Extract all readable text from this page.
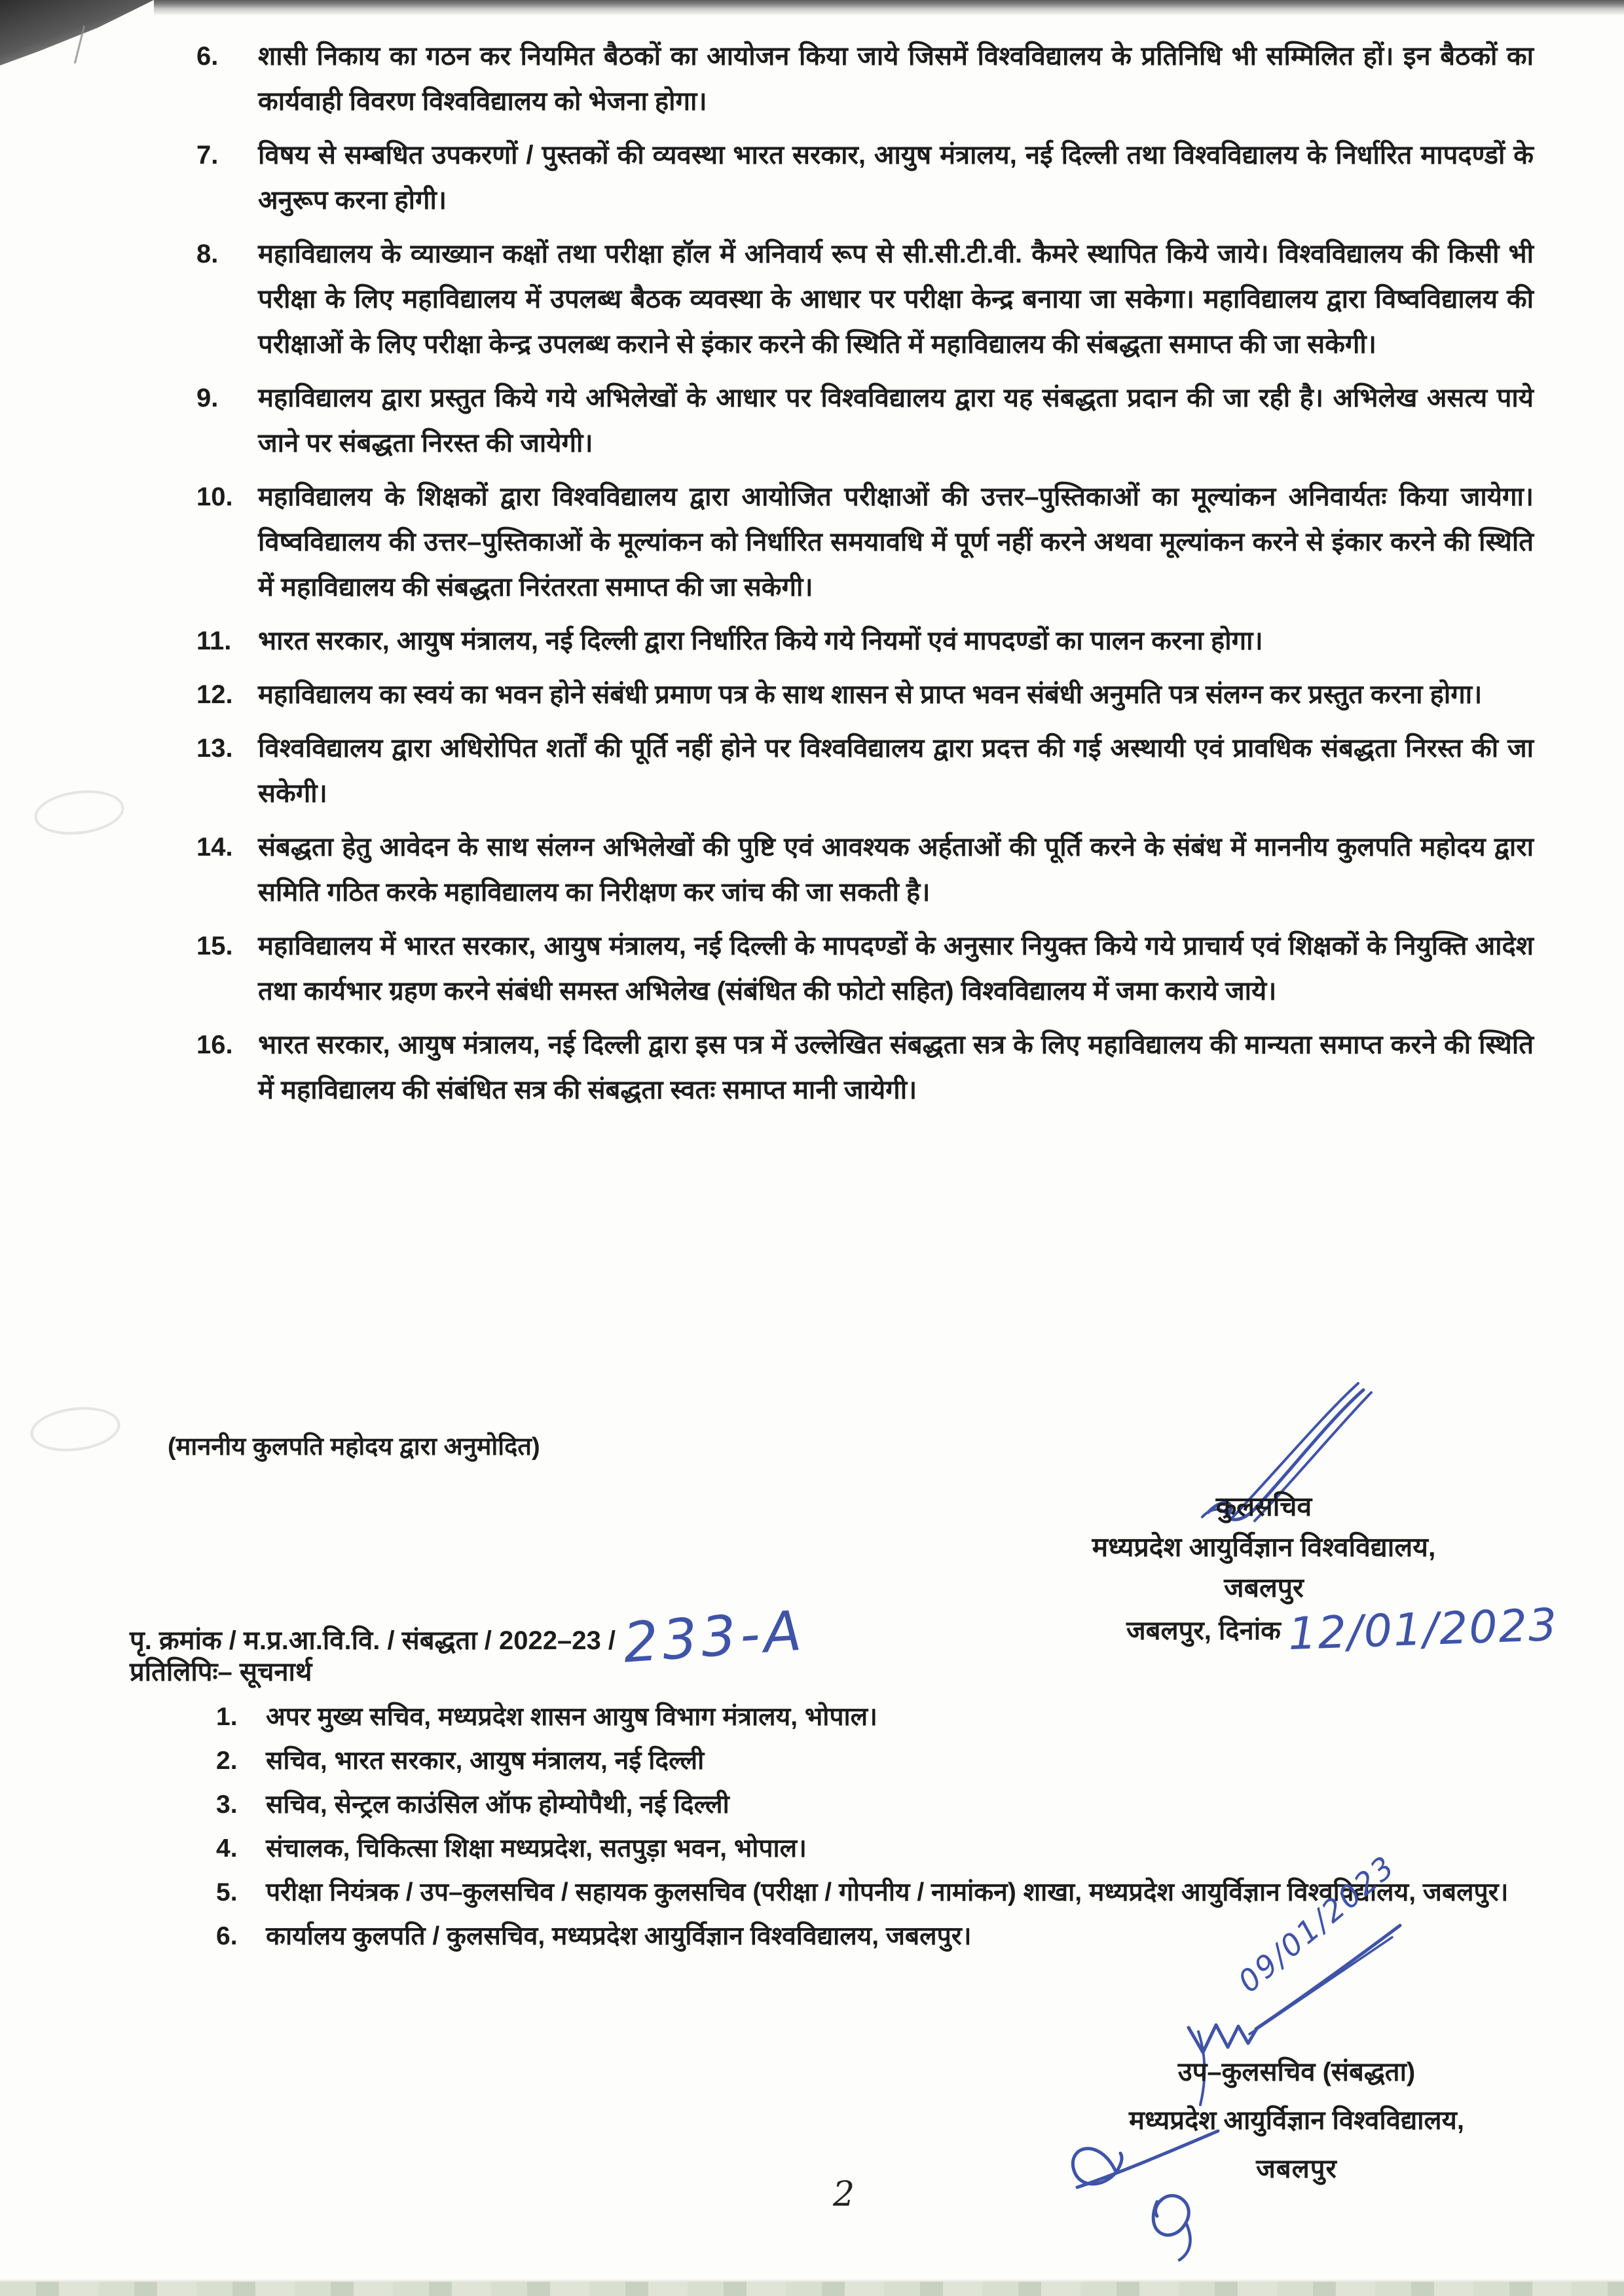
6.	शासी निकाय का गठन कर नियमित बैठकों का आयोजन किया जाये जिसमें विश्वविद्यालय के प्रतिनिधि भी सम्मिलित हों। इन बैठकों का कार्यवाही विवरण विश्वविद्यालय को भेजना होगा।
7.	विषय से सम्बधित उपकरणों / पुस्तकों की व्यवस्था भारत सरकार, आयुष मंत्रालय, नई दिल्ली तथा विश्वविद्यालय के निर्धारित मापदण्डों के अनुरूप करना होगी।
8.	महाविद्यालय के व्याख्यान कक्षों तथा परीक्षा हॉल में अनिवार्य रूप से सी.सी.टी.वी. कैमरे स्थापित किये जाये। विश्वविद्यालय की किसी भी परीक्षा के लिए महाविद्यालय में उपलब्ध बैठक व्यवस्था के आधार पर परीक्षा केन्द्र बनाया जा सकेगा। महाविद्यालय द्वारा विष्वविद्यालय की परीक्षाओं के लिए परीक्षा केन्द्र उपलब्ध कराने से इंकार करने की स्थिति में महाविद्यालय की संबद्धता समाप्त की जा सकेगी।
9.	महाविद्यालय द्वारा प्रस्तुत किये गये अभिलेखों के आधार पर विश्वविद्यालय द्वारा यह संबद्धता प्रदान की जा रही है। अभिलेख असत्य पाये जाने पर संबद्धता निरस्त की जायेगी।
10. महाविद्यालय के शिक्षकों द्वारा विश्वविद्यालय द्वारा आयोजित परीक्षाओं की उत्तर–पुस्तिकाओं का मूल्यांकन अनिवार्यतः किया जायेगा। विष्वविद्यालय की उत्तर–पुस्तिकाओं के मूल्यांकन को निर्धारित समयावधि में पूर्ण नहीं करने अथवा मूल्यांकन करने से इंकार करने की स्थिति में महाविद्यालय की संबद्धता निरंतरता समाप्त की जा सकेगी।
11.	भारत सरकार, आयुष मंत्रालय, नई दिल्ली द्वारा निर्धारित किये गये नियमों एवं मापदण्डों का पालन करना होगा।
12. महाविद्यालय का स्वयं का भवन होने संबंधी प्रमाण पत्र के साथ शासन से प्राप्त भवन संबंधी अनुमति पत्र संलग्न कर प्रस्तुत करना होगा।
13. विश्वविद्यालय द्वारा अधिरोपित शर्तों की पूर्ति नहीं होने पर विश्वविद्यालय द्वारा प्रदत्त की गई अस्थायी एवं प्रावधिक संबद्धता निरस्त की जा सकेगी।
14. संबद्धता हेतु आवेदन के साथ संलग्न अभिलेखों की पुष्टि एवं आवश्यक अर्हताओं की पूर्ति करने के संबंध में माननीय कुलपति महोदय द्वारा समिति गठित करके महाविद्यालय का निरीक्षण कर जांच की जा सकती है।
15. महाविद्यालय में भारत सरकार, आयुष मंत्रालय, नई दिल्ली के मापदण्डों के अनुसार नियुक्त किये गये प्राचार्य एवं शिक्षकों के नियुक्ति आदेश तथा कार्यभार ग्रहण करने संबंधी समस्त अभिलेख (संबंधित की फोटो सहित) विश्वविद्यालय में जमा कराये जाये।
16. भारत सरकार, आयुष मंत्रालय, नई दिल्ली द्वारा इस पत्र में उल्लेखित संबद्धता सत्र के लिए महाविद्यालय की मान्यता समाप्त करने की स्थिति में महाविद्यालय की संबंधित सत्र की संबद्धता स्वतः समाप्त मानी जायेगी।
(माननीय कुलपति महोदय द्वारा अनुमोदित)
कुलसचिव
मध्यप्रदेश आयुर्विज्ञान विश्वविद्यालय,
जबलपुर
पृ. क्रमांक / म.प्र.आ.वि.वि. / संबद्धता / 2022–23 / 233-A	जबलपुर, दिनांक 12/01/2023
प्रतिलिपिः– सूचनार्थ
1.	अपर मुख्य सचिव, मध्यप्रदेश शासन आयुष विभाग मंत्रालय, भोपाल।
2.	सचिव, भारत सरकार, आयुष मंत्रालय, नई दिल्ली
3.	सचिव, सेन्ट्रल काउंसिल ऑफ होम्योपैथी, नई दिल्ली
4.	संचालक, चिकित्सा शिक्षा मध्यप्रदेश, सतपुड़ा भवन, भोपाल।
5.	परीक्षा नियंत्रक / उप–कुलसचिव / सहायक कुलसचिव (परीक्षा / गोपनीय / नामांकन) शाखा, मध्यप्रदेश आयुर्विज्ञान विश्वविद्यालय, जबलपुर।
6.	कार्यालय कुलपति / कुलसचिव, मध्यप्रदेश आयुर्विज्ञान विश्वविद्यालय, जबलपुर।	09/01/2023
उप–कुलसचिव (संबद्धता)
मध्यप्रदेश आयुर्विज्ञान विश्वविद्यालय,
जबलपुर
2
